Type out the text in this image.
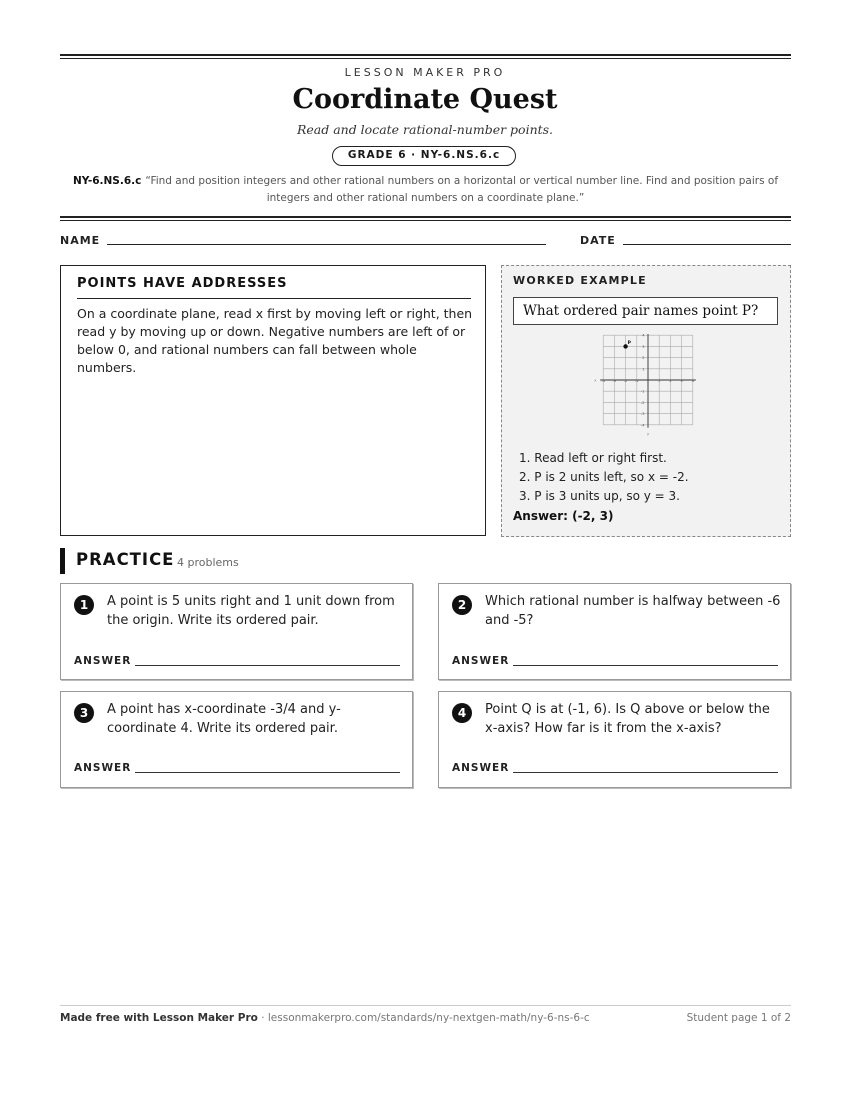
LESSON MAKER PRO
Coordinate Quest
Read and locate rational-number points.
GRADE 6 · NY-6.NS.6.c
NY-6.NS.6.c “Find and position integers and other rational numbers on a horizontal or vertical number line. Find and position pairs of integers and other rational numbers on a coordinate plane.”
NAME	DATE
POINTS HAVE ADDRESSES

On a coordinate plane, read x first by moving left or right, then read y by moving up or down. Negative numbers are left of or below 0, and rational numbers can fall between whole numbers.

WORKED EXAMPLE
What ordered pair names point P?
-4 -3 -2 -1	1 2 3 4
4
3
2
1
-1
-2
-3
-4
x
y
P
1. Read left or right first.
2. P is 2 units left, so x = -2.
3. P is 3 units up, so y = 3.
Answer: (-2, 3)
PRACTICE 4 problems
1	A point is 5 units right and 1 unit down from the origin. Write its ordered pair.
ANSWER
2	Which rational number is halfway between -6 and -5?
ANSWER
3	A point has x-coordinate -3/4 and y-coordinate 4. Write its ordered pair.
ANSWER
4	Point Q is at (-1, 6). Is Q above or below the x-axis? How far is it from the x-axis?
ANSWER
Made free with Lesson Maker Pro · lessonmakerpro.com/standards/ny-nextgen-math/ny-6-ns-6-c	Student page 1 of 2
